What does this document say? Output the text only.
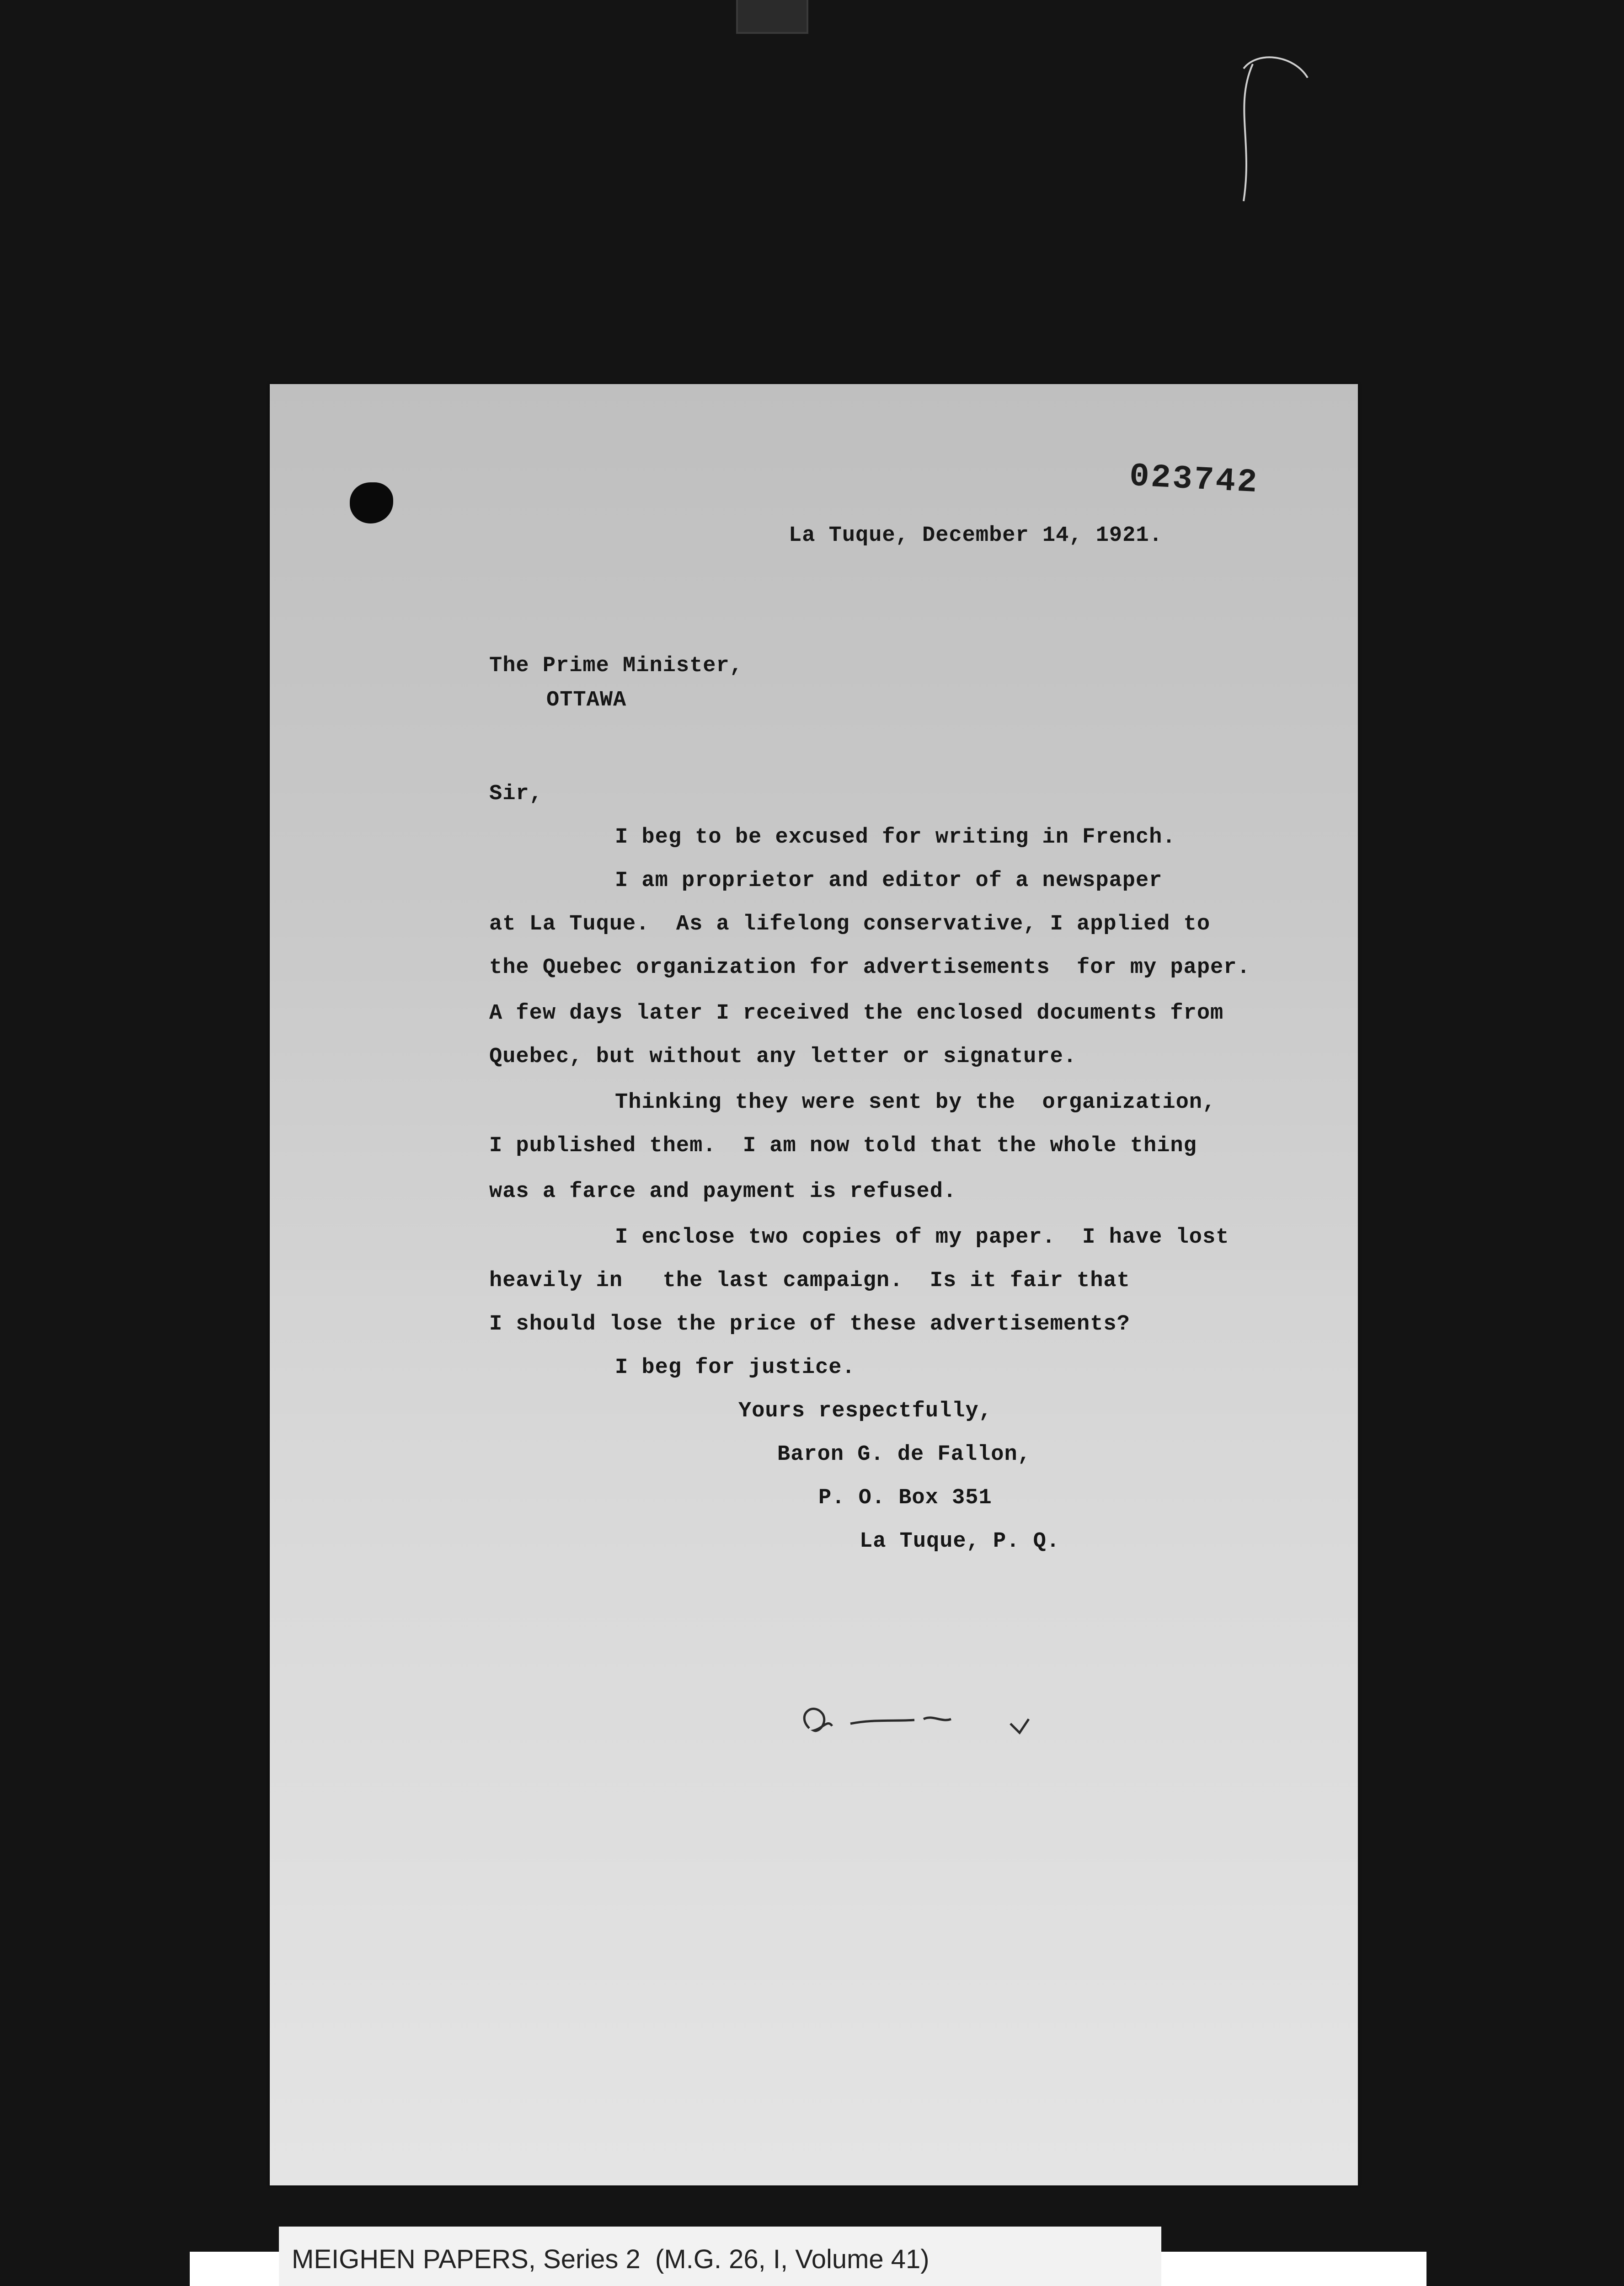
023742

La Tuque, December 14, 1921.

The Prime Minister,

OTTAWA

Sir,

I beg to be excused for writing in French.

I am proprietor and editor of a newspaper

at La Tuque.  As a lifelong conservative, I applied to

the Quebec organization for advertisements  for my paper.

A few days later I received the enclosed documents from

Quebec, but without any letter or signature.

Thinking they were sent by the  organization,

I published them.  I am now told that the whole thing

was a farce and payment is refused.

I enclose two copies of my paper.  I have lost

heavily in   the last campaign.  Is it fair that

I should lose the price of these advertisements?

I beg for justice.

Yours respectfully,

Baron G. de Fallon,

P. O. Box 351

La Tuque, P. Q.

MEIGHEN PAPERS, Series 2  (M.G. 26, I, Volume 41)
